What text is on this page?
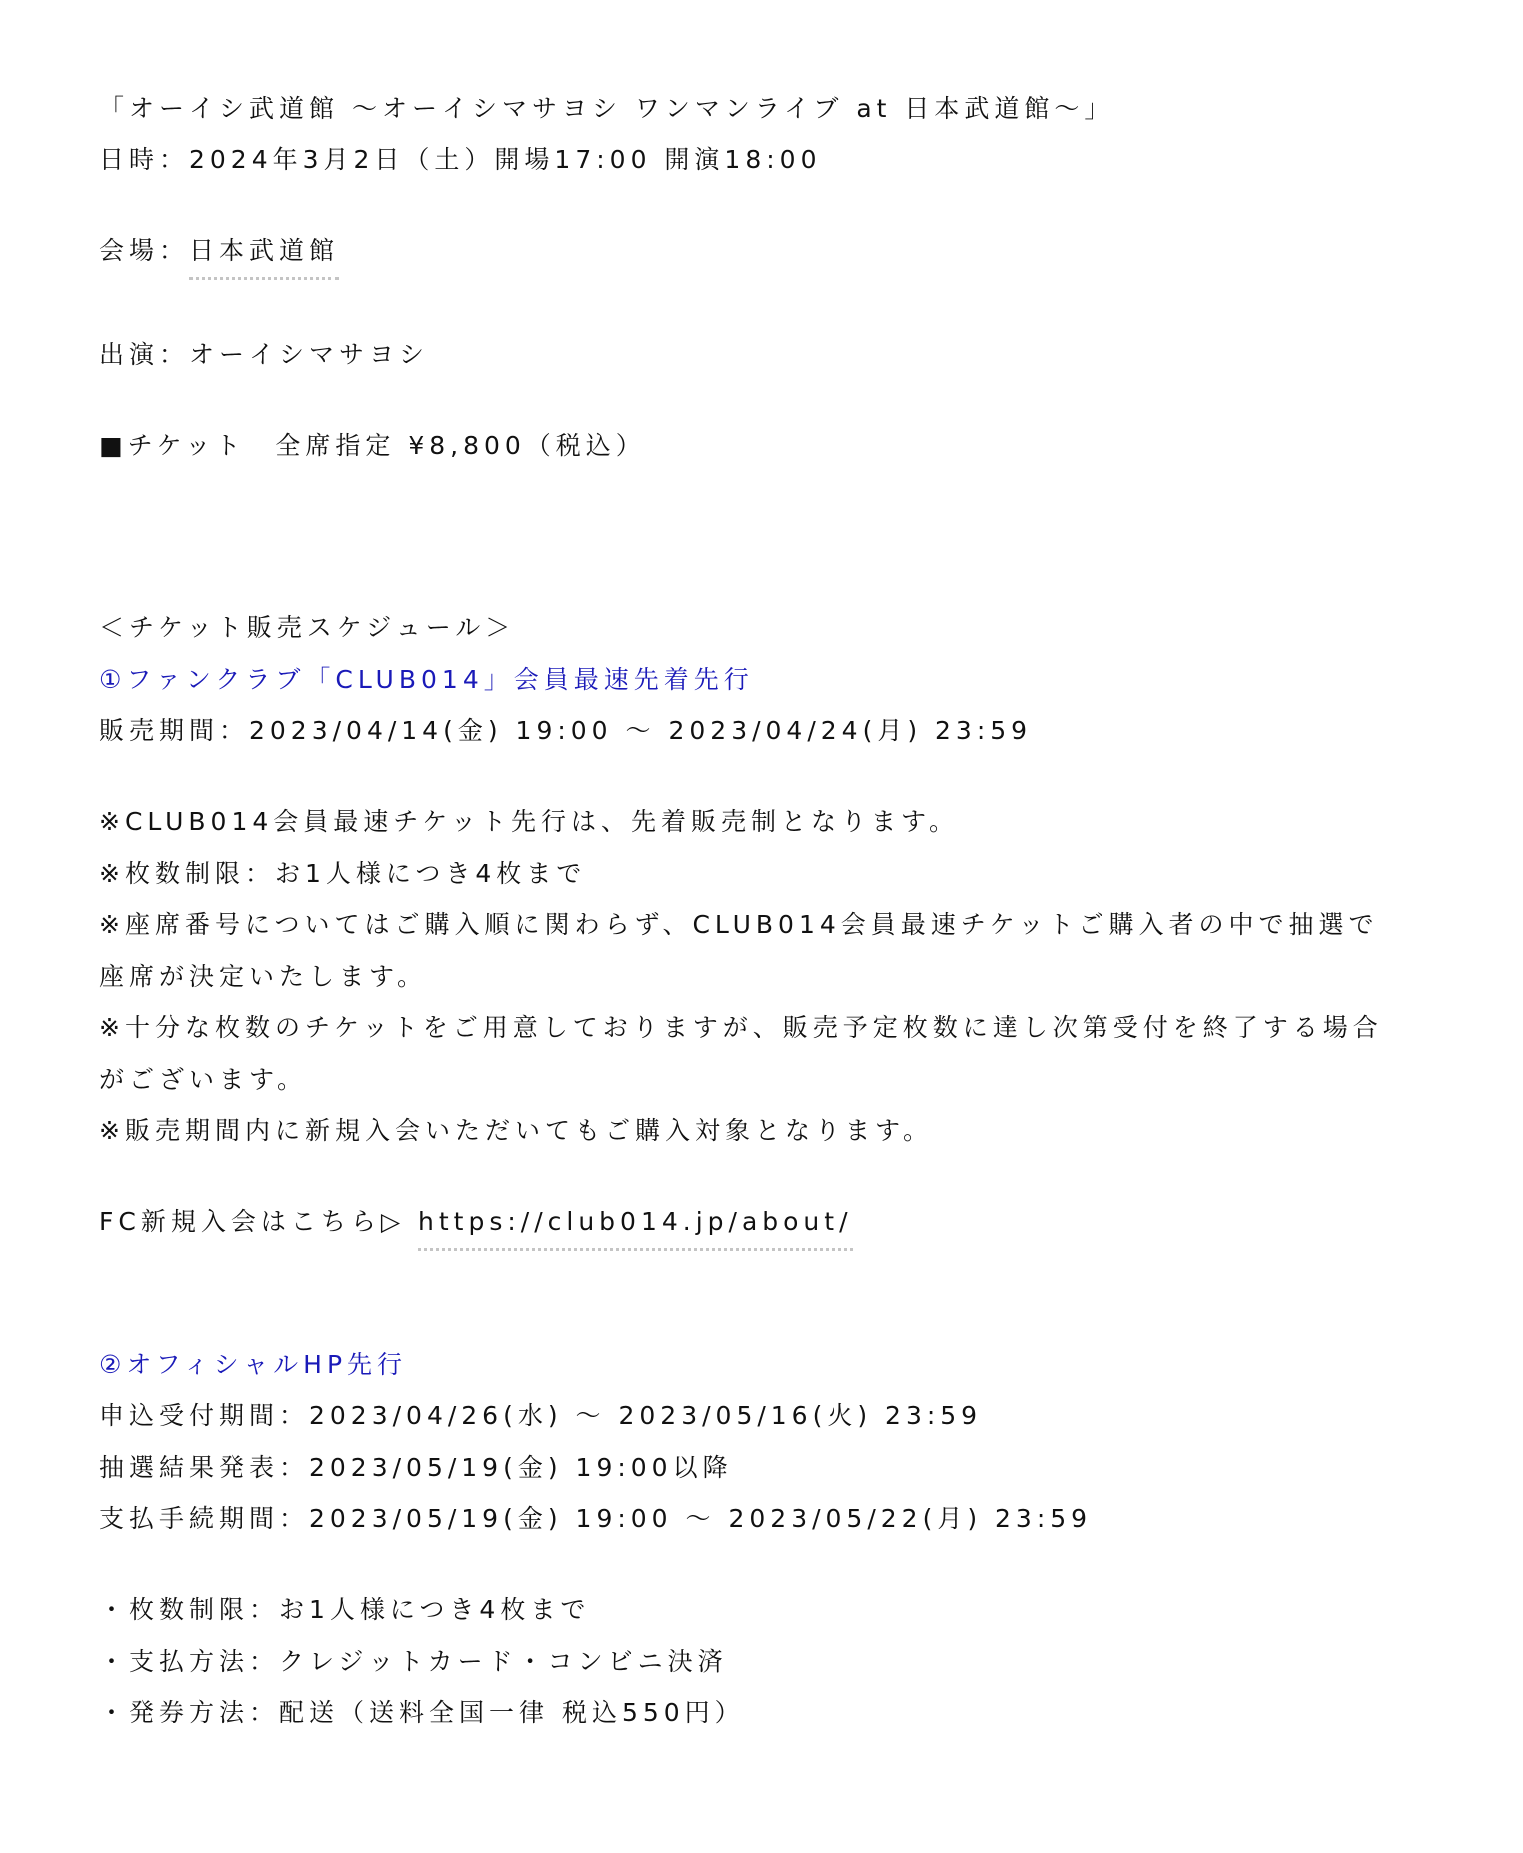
「オーイシ武道館 〜オーイシマサヨシ ワンマンライブ at 日本武道館〜」
日時：2024年3月2日（土）開場17:00 開演18:00
会場：日本武道館
出演：オーイシマサヨシ
■チケット　全席指定 ¥8,800（税込）
＜チケット販売スケジュール＞
①ファンクラブ「CLUB014」会員最速先着先行
販売期間：2023/04/14(金) 19:00 〜 2023/04/24(月) 23:59
※CLUB014会員最速チケット先行は、先着販売制となります。
※枚数制限：お1人様につき4枚まで
※座席番号についてはご購入順に関わらず、CLUB014会員最速チケットご購入者の中で抽選で
座席が決定いたします。
※十分な枚数のチケットをご用意しておりますが、販売予定枚数に達し次第受付を終了する場合
がございます。
※販売期間内に新規入会いただいてもご購入対象となります。
FC新規入会はこちら▷ https://club014.jp/about/
②オフィシャルHP先行
申込受付期間：2023/04/26(水) 〜 2023/05/16(火) 23:59
抽選結果発表：2023/05/19(金) 19:00以降
支払手続期間：2023/05/19(金) 19:00 〜 2023/05/22(月) 23:59
・枚数制限：お1人様につき4枚まで
・支払方法：クレジットカード・コンビニ決済
・発券方法：配送（送料全国一律 税込550円）
